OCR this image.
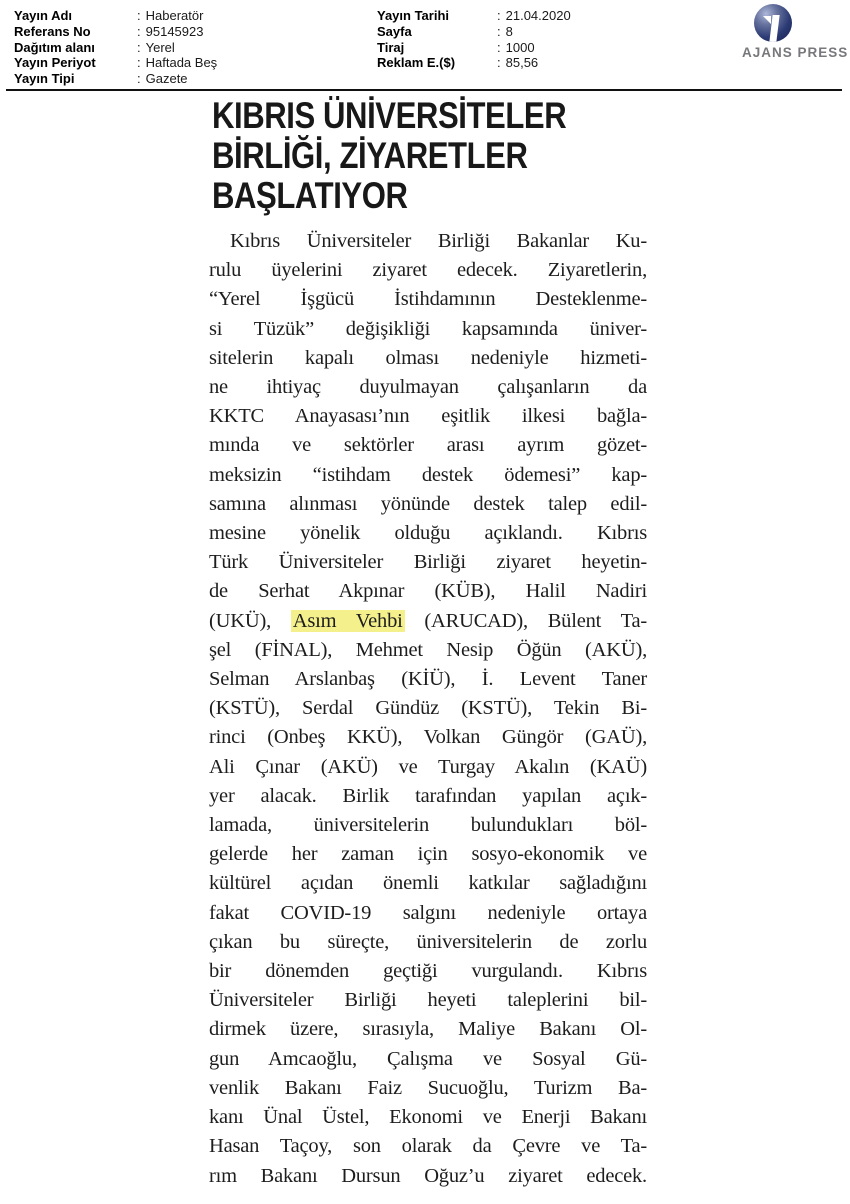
Yayın Adı	: Haberatör
Referans No	: 95145923
Dağıtım alanı	: Yerel
Yayın Periyot	: Haftada Beş
Yayın Tipi	: Gazete
Yayın Tarihi	: 21.04.2020
Sayfa	: 8
Tiraj	: 1000
Reklam E.($)	: 85,56
AJANS PRESS
KIBRIS ÜNİVERSİTELER
BİRLİĞİ, ZİYARETLER
BAŞLATIYOR
Kıbrıs Üniversiteler Birliği Bakanlar Ku-
rulu üyelerini ziyaret edecek. Ziyaretlerin,
“Yerel İşgücü İstihdamının Desteklenme-
si Tüzük” değişikliği kapsamında üniver-
sitelerin kapalı olması nedeniyle hizmeti-
ne ihtiyaç duyulmayan çalışanların da
KKTC Anayasası’nın eşitlik ilkesi bağla-
mında ve sektörler arası ayrım gözet-
meksizin “istihdam destek ödemesi” kap-
samına alınması yönünde destek talep edil-
mesine yönelik olduğu açıklandı. Kıbrıs
Türk Üniversiteler Birliği ziyaret heyetin-
de Serhat Akpınar (KÜB), Halil Nadiri
(UKÜ), Asım Vehbi (ARUCAD), Bülent Ta-
şel (FİNAL), Mehmet Nesip Öğün (AKÜ),
Selman Arslanbaş (KİÜ), İ. Levent Taner
(KSTÜ), Serdal Gündüz (KSTÜ), Tekin Bi-
rinci (Onbeş KKÜ), Volkan Güngör (GAÜ),
Ali Çınar (AKÜ) ve Turgay Akalın (KAÜ)
yer alacak. Birlik tarafından yapılan açık-
lamada, üniversitelerin bulundukları böl-
gelerde her zaman için sosyo-ekonomik ve
kültürel açıdan önemli katkılar sağladığını
fakat COVID-19 salgını nedeniyle ortaya
çıkan bu süreçte, üniversitelerin de zorlu
bir dönemden geçtiği vurgulandı. Kıbrıs
Üniversiteler Birliği heyeti taleplerini bil-
dirmek üzere, sırasıyla, Maliye Bakanı Ol-
gun Amcaoğlu, Çalışma ve Sosyal Gü-
venlik Bakanı Faiz Sucuoğlu, Turizm Ba-
kanı Ünal Üstel, Ekonomi ve Enerji Bakanı
Hasan Taçoy, son olarak da Çevre ve Ta-
rım Bakanı Dursun Oğuz’u ziyaret edecek.
